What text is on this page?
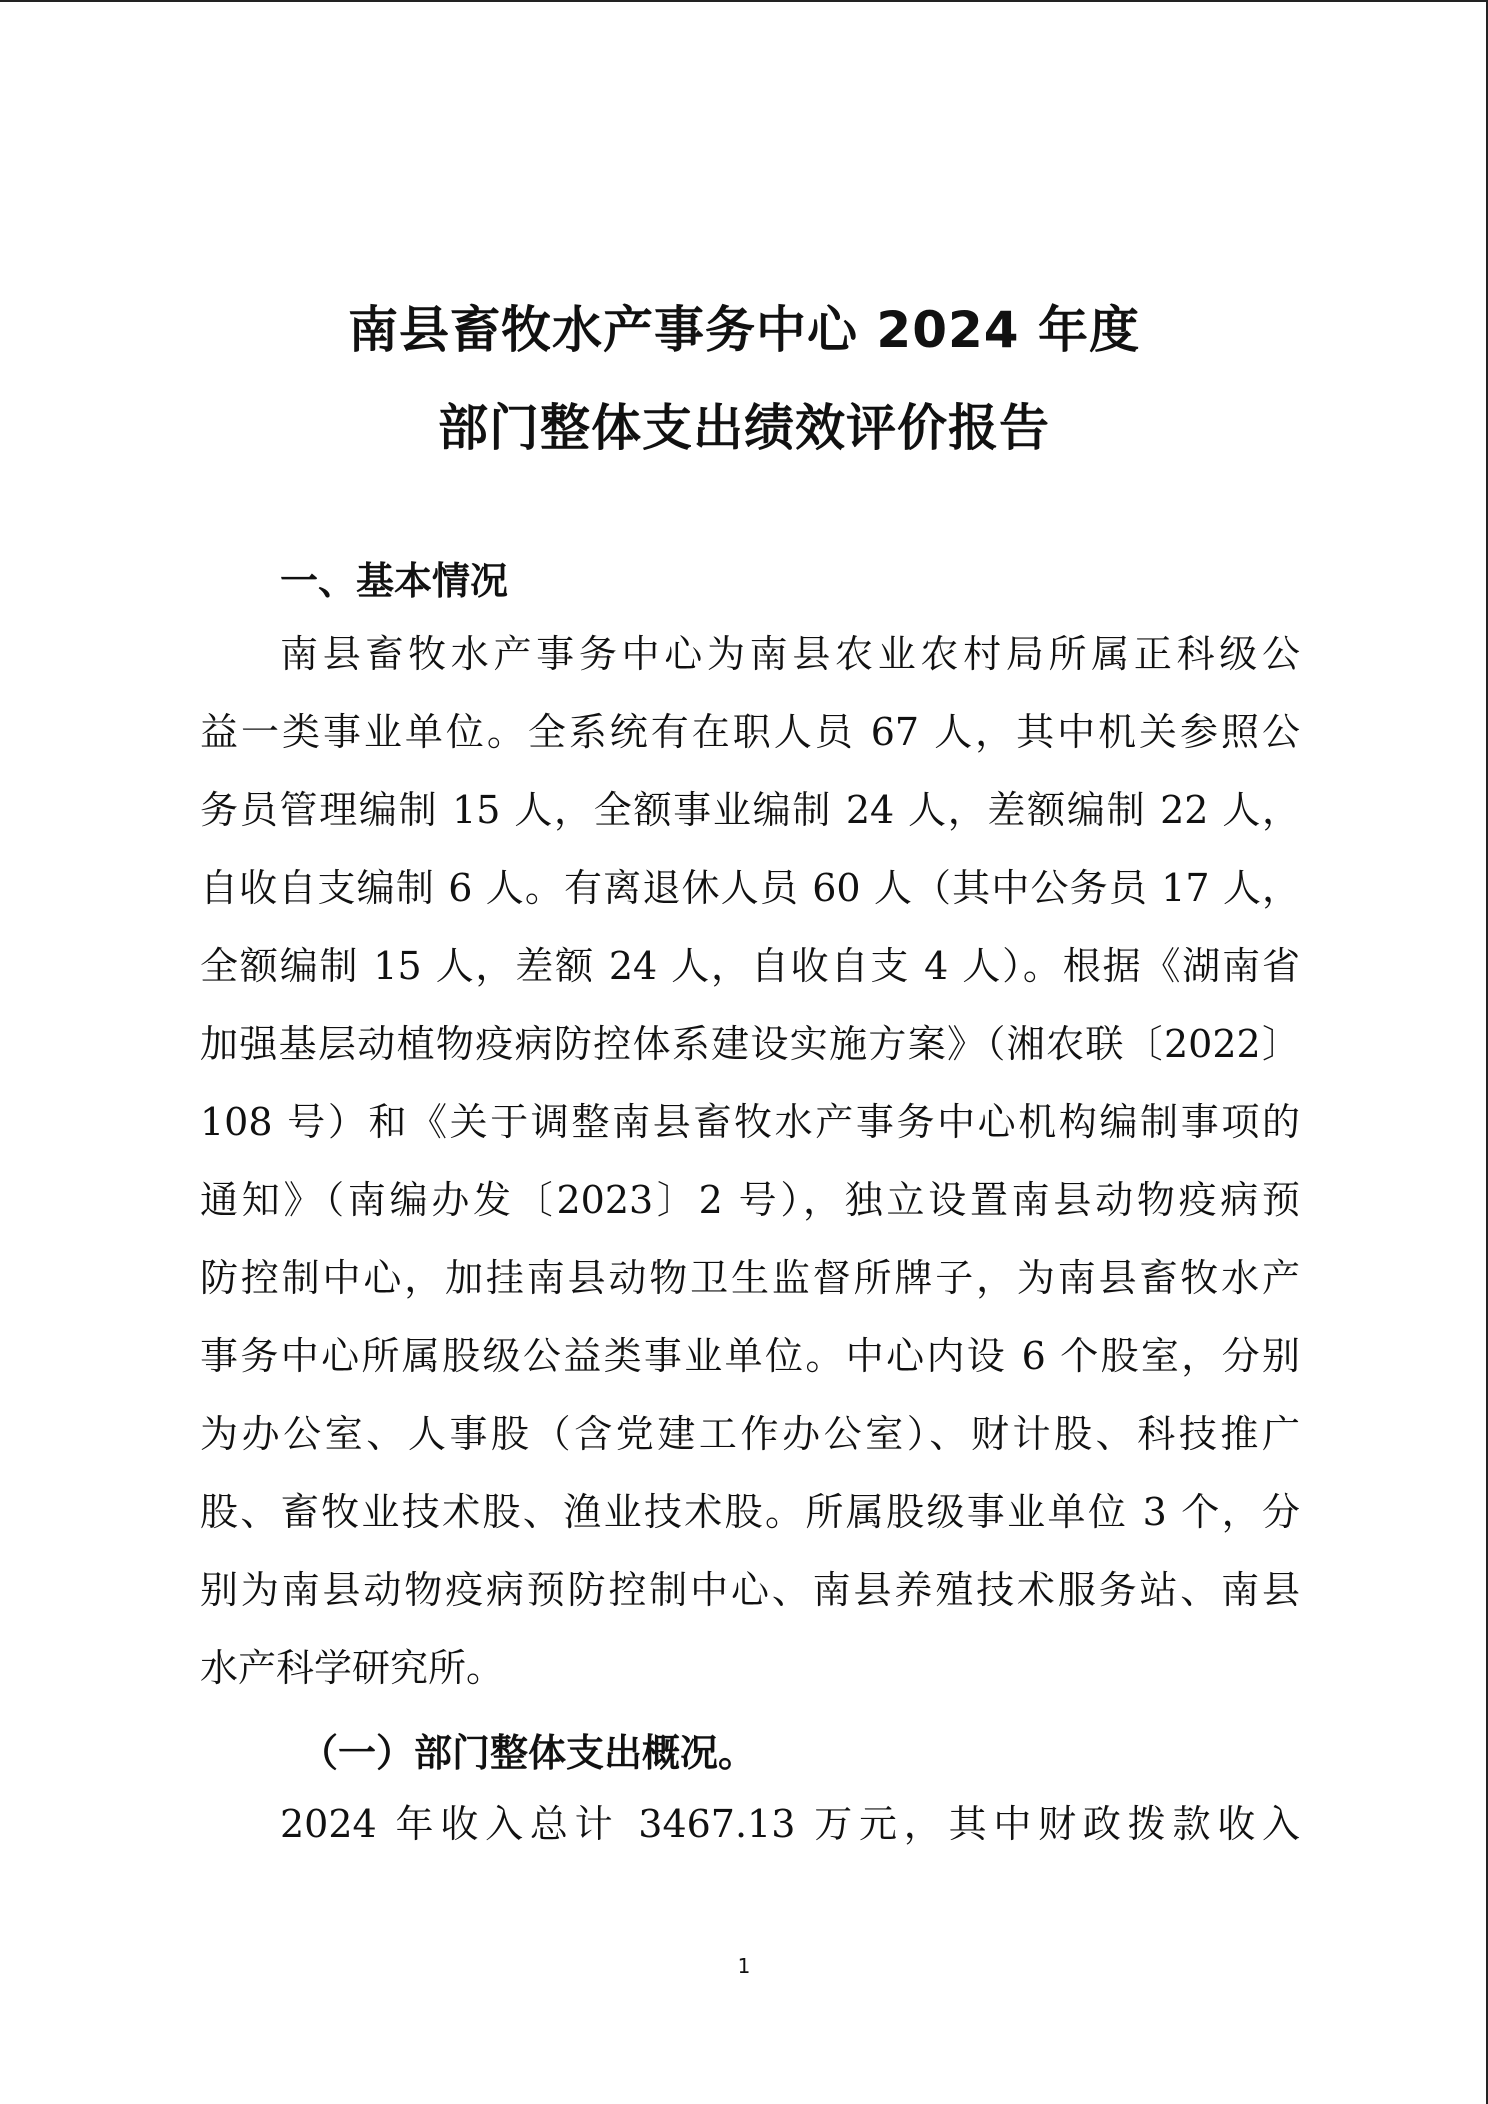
南县畜牧水产事务中心 2024 年度
部门整体支出绩效评价报告
一、基本情况
南县畜牧水产事务中心为南县农业农村局所属正科级公
益一类事业单位。全系统有在职人员 67 人，其中机关参照公
务员管理编制 15 人，全额事业编制 24 人，差额编制 22 人，
自收自支编制 6 人。有离退休人员 60 人（其中公务员 17 人，
全额编制 15 人，差额 24 人，自收自支 4 人）。根据《湖南省
加强基层动植物疫病防控体系建设实施方案》（湘农联〔2022〕
108 号）和《关于调整南县畜牧水产事务中心机构编制事项的
通知》（南编办发〔2023〕2 号），独立设置南县动物疫病预
防控制中心，加挂南县动物卫生监督所牌子，为南县畜牧水产
事务中心所属股级公益类事业单位。中心内设 6 个股室，分别
为办公室、人事股（含党建工作办公室）、财计股、科技推广
股、畜牧业技术股、渔业技术股。所属股级事业单位 3 个，分
别为南县动物疫病预防控制中心、南县养殖技术服务站、南县
水产科学研究所。
（一）部门整体支出概况。
2024 年收入总计 3467.13 万元，其中财政拨款收入
1
